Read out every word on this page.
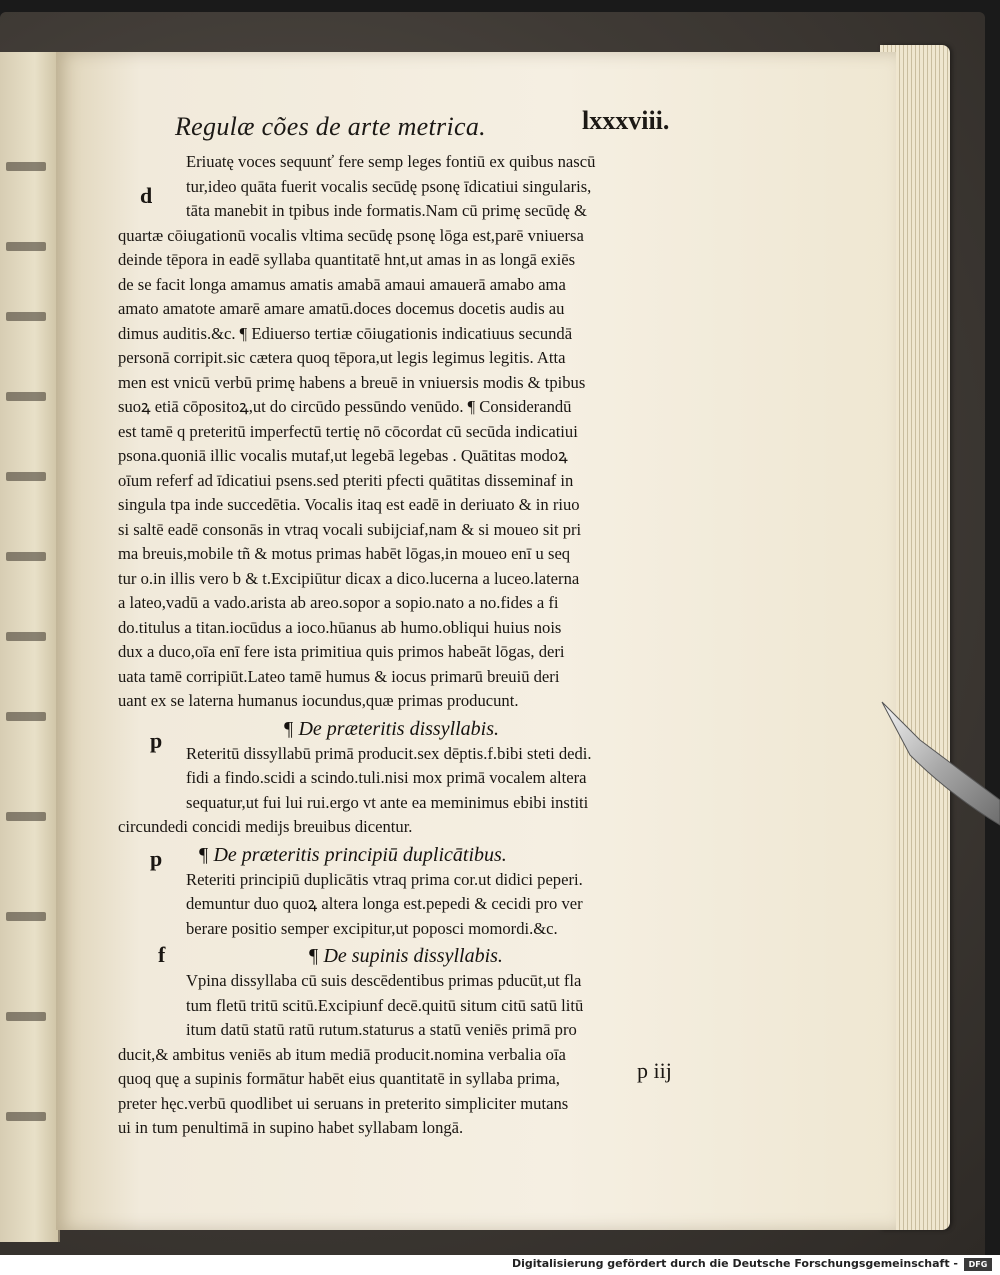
Regulæ cões de arte metrica.	lxxxviii.
d
p
p
f
Eriuatę voces sequunť fere semp leges fontiū ex quibus nascū
tur,ideo quāta fuerit vocalis secūdę psonę īdicatiui singularis,
tāta manebit in tpibus inde formatis.Nam cū primę secūdę &
quartæ cōiugationū vocalis vltima secūdę psonę lōga est,parē vniuersa
deinde tēpora in eadē syllaba quantitatē hnt,ut amas in as longā exiēs
de se facit longa amamus amatis amabā amaui amauerā amabo ama
amato amatote amarē amare amatū.doces docemus docetis audis au
dimus auditis.&c. ¶ Ediuerso tertiæ cōiugationis indicatiuus secundā
personā corripit.sic cætera quoq tēpora,ut legis legimus legitis. Atta
men est vnicū verbū primę habens a breuē in vniuersis modis & tpibus
suoꝝ etiā cōpositoꝝ,ut do circūdo pessūndo venūdo. ¶ Considerandū
est tamē q preteritū imperfectū tertię nō cōcordat cū secūda indicatiui
psona.quoniā illic vocalis mutaf,ut legebā legebas . Quātitas modoꝝ
oīum referf ad īdicatiui psens.sed pteriti pfecti quātitas disseminaf in
singula tpa inde succedētia. Vocalis itaq est eadē in deriuato & in riuo
si saltē eadē consonās in vtraq vocali subijciaf,nam & si moueo sit pri
ma breuis,mobile tñ & motus primas habēt lōgas,in moueo enī u seq
tur o.in illis vero b & t.Excipiūtur dicax a dico.lucerna a luceo.laterna
a lateo,vadū a vado.arista ab areo.sopor a sopio.nato a no.fides a fi
do.titulus a titan.iocūdus a ioco.hūanus ab humo.obliqui huius nois
dux a duco,oīa enī fere ista primitiua quis primos habeāt lōgas, deri
uata tamē corripiūt.Lateo tamē humus & iocus primarū breuiū deri
uant ex se laterna humanus iocundus,quæ primas producunt.
¶ De præteritis dissyllabis.
Reteritū dissyllabū primā producit.sex dēptis.f.bibi steti dedi.
fidi a findo.scidi a scindo.tuli.nisi mox primā vocalem altera
sequatur,ut fui lui rui.ergo vt ante ea meminimus ebibi institi
circundedi concidi medijs breuibus dicentur.
¶ De præteritis principiū duplicātibus.
Reteriti principiū duplicātis vtraq prima cor.ut didici peperi.
demuntur duo quoꝝ altera longa est.pepedi & cecidi pro ver
berare positio semper excipitur,ut poposci momordi.&c.
¶ De supinis dissyllabis.
Vpina dissyllaba cū suis descēdentibus primas pducūt,ut fla
tum fletū tritū scitū.Excipiunf decē.quitū situm citū satū litū
itum datū statū ratū rutum.staturus a statū veniēs primā pro
ducit,& ambitus veniēs ab itum mediā producit.nomina verbalia oīa
quoq quę a supinis formātur habēt eius quantitatē in syllaba prima,
preter hęc.verbū quodlibet ui seruans in preterito simpliciter mutans
ui in tum penultimā in supino habet syllabam longā.
p iij
Digitalisierung gefördert durch die Deutsche Forschungsgemeinschaft -	DFG
